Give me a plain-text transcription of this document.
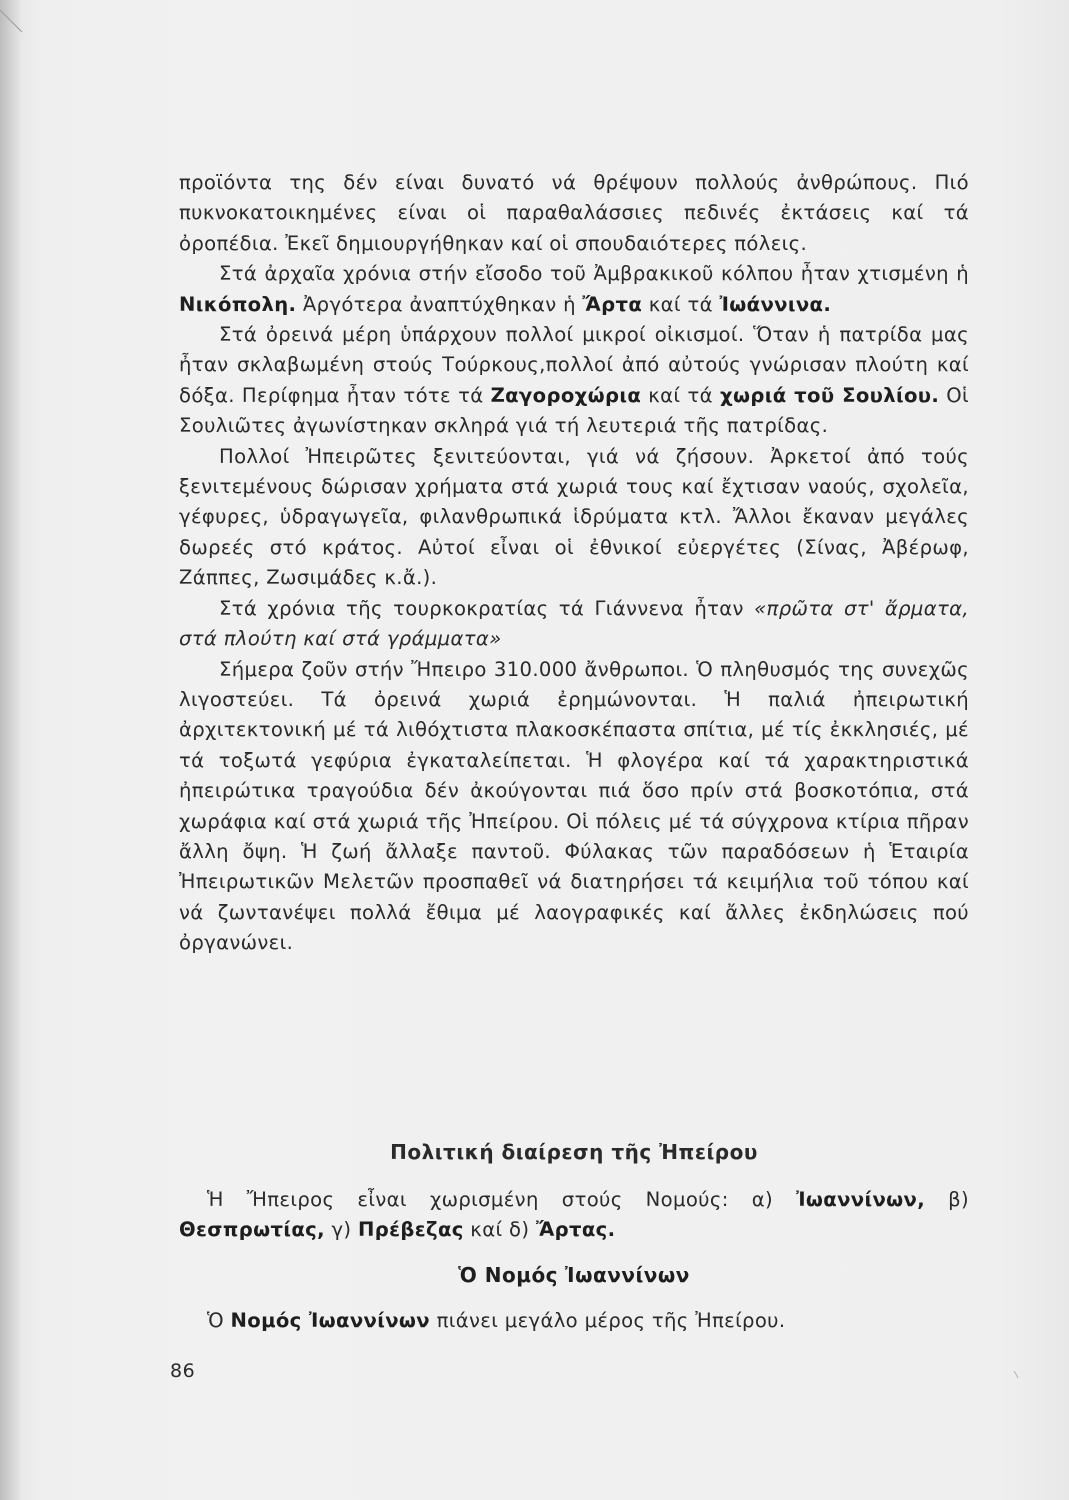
προϊόντα της δέν είναι δυνατό νά θρέψουν πολλούς ἀνθρώπους. Πιό πυκνοκατοικημένες είναι οἱ παραθαλάσσιες πεδινές ἐκτάσεις καί τά ὀροπέδια. Ἐκεῖ δημιουργήθηκαν καί οἱ σπουδαιότερες πόλεις.

Στά ἀρχαῖα χρόνια στήν εἴσοδο τοῦ Ἀμβρακικοῦ κόλπου ἦταν χτισμένη ἡ Νικόπολη. Ἀργότερα ἀναπτύχθηκαν ἡ Ἄρτα καί τά Ἰωάννινα.

Στά ὀρεινά μέρη ὑπάρχουν πολλοί μικροί οἰκισμοί. Ὅταν ἡ πατρίδα μας ἦταν σκλαβωμένη στούς Τούρκους,πολλοί ἀπό αὐτούς γνώρισαν πλούτη καί δόξα. Περίφημα ἦταν τότε τά Ζαγοροχώρια καί τά χωριά τοῦ Σουλίου. Οἱ Σουλιῶτες ἀγωνίστηκαν σκληρά γιά τή λευτεριά τῆς πατρίδας.

Πολλοί Ἠπειρῶτες ξενιτεύονται, γιά νά ζήσουν. Ἀρκετοί ἀπό τούς ξενιτεμένους δώρισαν χρήματα στά χωριά τους καί ἔχτισαν ναούς, σχολεῖα, γέφυρες, ὑδραγωγεῖα, φιλανθρωπικά ἱδρύματα κτλ. Ἄλλοι ἔκαναν μεγάλες δωρεές στό κράτος. Αὐτοί εἶναι οἱ ἐθνικοί εὐεργέτες (Σίνας, Ἀβέρωφ, Ζάππες, Ζωσιμάδες κ.ἄ.).

Στά χρόνια τῆς τουρκοκρατίας τά Γιάννενα ἦταν «πρῶτα στ' ἄρματα, στά πλούτη καί στά γράμματα»

Σήμερα ζοῦν στήν Ἤπειρο 310.000 ἄνθρωποι. Ὁ πληθυσμός της συνεχῶς λιγοστεύει. Τά ὀρεινά χωριά ἐρημώνονται. Ἡ παλιά ἠπειρωτική ἀρχιτεκτονική μέ τά λιθόχτιστα πλακοσκέπαστα σπίτια, μέ τίς ἐκκλησιές, μέ τά τοξωτά γεφύρια ἐγκαταλείπεται. Ἡ φλογέρα καί τά χαρακτηριστικά ἠπειρώτικα τραγούδια δέν ἀκούγονται πιά ὅσο πρίν στά βοσκοτόπια, στά χωράφια καί στά χωριά τῆς Ἠπείρου. Οἱ πόλεις μέ τά σύγχρονα κτίρια πῆραν ἄλλη ὄψη. Ἡ ζωή ἄλλαξε παντοῦ. Φύλακας τῶν παραδόσεων ἡ Ἑταιρία Ἠπειρωτικῶν Μελετῶν προσπαθεῖ νά διατηρήσει τά κειμήλια τοῦ τόπου καί νά ζωντανέψει πολλά ἔθιμα μέ λαογραφικές καί ἄλλες ἐκδηλώσεις πού ὀργανώνει.

Πολιτική διαίρεση τῆς Ἠπείρου

Ἡ Ἤπειρος εἶναι χωρισμένη στούς Νομούς: α) Ἰωαννίνων, β) Θεσπρωτίας, γ) Πρέβεζας καί δ) Ἄρτας.

Ὁ Νομός Ἰωαννίνων

Ὁ Νομός Ἰωαννίνων πιάνει μεγάλο μέρος τῆς Ἠπείρου.

86
